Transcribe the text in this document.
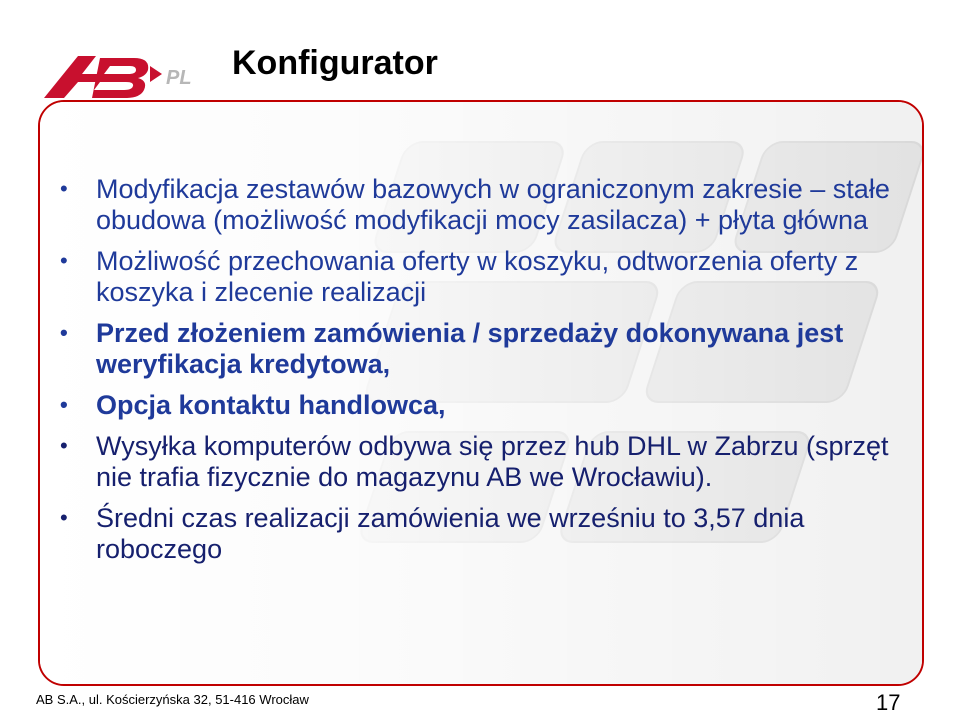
PL Konfigurator
• Modyfikacja zestawów bazowych w ograniczonym zakresie – stałe obudowa (możliwość modyfikacji mocy zasilacza) + płyta główna
• Możliwość przechowania oferty w koszyku, odtworzenia oferty z koszyka i zlecenie realizacji
• Przed złożeniem zamówienia / sprzedaży dokonywana jest weryfikacja kredytowa,
• Opcja kontaktu handlowca,
• Wysyłka komputerów odbywa się przez hub DHL w Zabrzu (sprzęt nie trafia fizycznie do magazynu AB we Wrocławiu).
• Średni czas realizacji zamówienia we wrześniu to 3,57 dnia roboczego
AB S.A., ul. Kościerzyńska 32, 51-416 Wrocław	17
